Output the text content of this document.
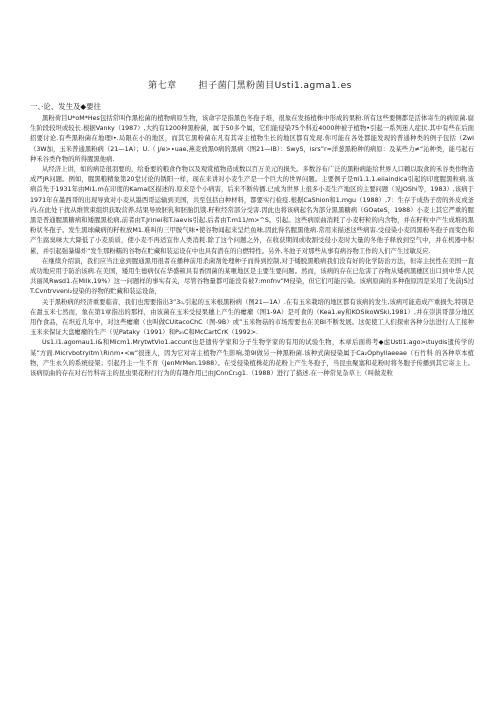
第七章 担子菌门黑粉菌目Usti1.agma1.es
一、·论、发生及◆要往

黑粉荷目U*oM*Hes包括常叫作黑松菌的植物病原生物，该命字是指黑色冬孢子堆，很象在发扬植株中形成的果粉.所有这些要侧都是活体寄生的病原菌.腐生阶段较坦或较长.根据Vanky（1987）,大约有1200种黑粉菌，属于50多个属，它们能侵染75个科近4000种被子植物•引起一系列迷人症状.其中有些在后面招要讨论.有些黑粉菌在地理I•.局限在小的地区，而其它黑粉菌在凡有其寄主植物生长的地区都有发现.你可能在各处都能发现的普通种类的例子包括（ZwI（3W加，玉米普通黑粉病（21—1A）；U.（ j∕e>∙uae,燕麦放黑0病的黑病（图21—IB）：SwyS，isrs”r≈洋葱黑粉种的病原：及某些力≠“沁种类，能弓起石种禾谷类作物的所得腥黑他病.

从经济上讲，如的病是很羽要的，给垂要的粮食作物以及观赏植物造成数以百万美元的损失。多数谷布广泛的黑粉病能给世界人口赖以取食的禾谷类作物造成严JR问题。例如，腥黑粮精象第20堂讨论的锈阳一样，现在来讲对小麦生产是一个巨大的世界问题。主要例子是πI1.1.1.eiiaindicа引起的印度腥黑粒病.该病首先于1931年由Mi1.m在印度的Kamal区描述的.原来是个小病害，后来不断传播.已成为世界上很多小麦生产地区的主要问题（见JOShi等，1983）,该病于1971年在墨西哥的出现导致对小麦从墨西哥运输到美国，共至包括白种材料，都要实行检疫.根据CaShion和1.mgu（1988）,7：生存于成热子房的外皮或釜内,在此处干扰从维管束组织获取营养,结果导致胚乳和胚胎饥饿.籽粒经常部分受害.因此也将该病起名为部分黑黑糖病（GOateS，1988）小麦上其它严重的腥黑是普通腥黑糖病和矮腥黑松病,前者由T.Jririei和T.laevis引起,后者由T.m11/m>^S。引起。这些病原曲消耗了小麦籽粒的内含物，并在籽粒中产生成堆的黑粉状冬孢子。发生黑球藏病的籽粒放M1.难叫的三甲胺气味•使谷物闻起来呈烂鱼味,因此得名腥黑他病.常用来描述这些病害.受侵染小麦因黑粉冬孢子而变色和产生腐臭味大大降低了小麦质质，使小麦不再适宜作人类消耗.除了这个问题之外，在收获期间或收割受侵小麦时大量的冬他子释放到空气中，并在机器中积累，并引起强暴爆炸“发生那粉糯的谷物在贮藏和装运设在中也具有潜在的自燃特性。另外,冬池子对那些从事有病谷物工作的人们产生过敏反应.

在继续介绍演，我们应当注意到腥通黑用很者在播种前用杀菌剂处理种子而得到控制,对于矮脱黑粮病我们没有好的化学防治方法，但寄主抗性在美国一直成功地应用于防治该病.在美国，矮用生德病仅在华盛顿具有香固菌的某咂地区是主要生要问题。然而，该病的存在已危害了谷物从矮病黑穗区出口到中华人民共丽风Rwsd1.在Milk,19%）这一问题样的事实有关，尽管谷物量都可能没有被7:mnfnv”M侵染，但它们可能污染。该病原菌的多种孢原因是采用了先前JS过T.Cvntrvvenl₂侵染的谷物的贮藏和装运设备，

关于黑粉病的经济重要临音，我们也需要指出3”3₀,引起的玉米根黑粉病（图21—1A）.在有玉米栽培的地区都有该病的发生,该病可能造成产重损失,特别是在甜玉米七然而，象在第1章指出的那样，由该菌在玉米受侵果穗上产生的瘿瘤（图1-9A）是可食的（Kea1.ey和KOSikoWSki,1981）,并在崇洪哥部分地区用作食品，在坦近几年中，对这些瘿瘤（也叫做CUitacoChC（图-9B）或”玉米物菇的市场需要也在美BI不断发展。这促使工人们探索各种分法进行人工接种玉米来保证大盘瘿瘤的生产（见Pataky（1991）和P₂₀C和McCartCrK（1992>.

Us1.i1.agomau1.i&和Micm1.MrytwtVio1.accunt也是遗传学家和分子生物学家的有用的试验生物，本章后面将考◆虑Usti1.ago>ιtuydis遗传学的某”方面.Micrvbotryitm∖Ri∩m∙<w”很迷人，因为它对寄主植物产生影响,第9l做另一种黑粉菌.该种式菌侵染属于Ca₂Ophyllaeeae（石竹科 的各种草本植物，产生永久的系统侵架；引起丹主一生不育（JenMrMen.1988）。在受侵染植株花的花粉上产生冬孢子，当昆虫聚塞和花粉时将冬胞子传播到其它寄主上。该病原曲的存在对石竹科寄主的昆虫果花粉行行为的有趣作用已由JCnnCr₂g1.（1988）进行了描述.在一种常见杂草上（叫做麦粒
